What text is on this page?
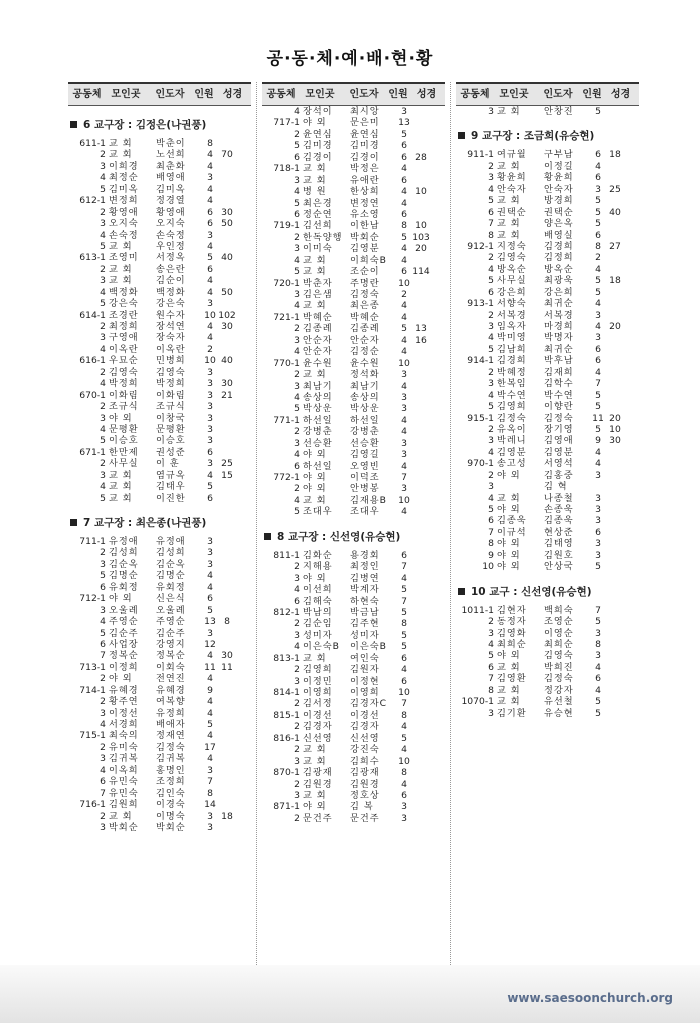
공·동·체·예·배·현·황
공동체	모인곳	인도자 인원 성경
6 교구장 : 김정은(나권풍)
611-1 교 회	박춘이	8
2 교 회	노선희	4 70
3 이희경	최춘화	4
4 최정순	배영애	3
5 김미옥	김미옥	4
612-1 변정희	정경열	4
2 황영애	황영애	6 30
3 오지숙	오지숙	6 50
4 손숙정	손숙정	3
5 교 회	우인정	4
613-1 조영미	서정옥	5 40
2 교 회	송은란	6
3 교 회	김순이	4
4 백정화	백정화	4 50
5 강은숙	강은숙	3
614-1 조경란	원수자	10 102
2 최정희	장석연	4 30
3 구영애	장숙자	4
4 이옥란	이옥란	2
616-1 우묘순	민병희	10 40
2 김영숙	김영숙	3
4 박정희	박정희	3 30
670-1 이화림	이화림	3 21
2 조규식	조규식	3
3 야 외	이창국	3
4 문평환	문평환	3
5 이승호	이승호	3
671-1 한만제	권성준	6
2 사무실	이 훈	3 25
3 교 회	염규옥	4 15
4 교 회	김태우	5
5 교 회	이진한	6
7 교구장 : 최은종(나권풍)
711-1 유정애	유정애	3
2 김성희	김성희	3
3 김순옥	김순옥	3
5 김명순	김명순	4
6 유회정	유회정	4
712-1 야 외	신은식	6
3 오울례	오울례	5
4 주영순	주영순	13 8
5 김순주	김순주	3
6 사업장	강영지	12
7 정복순	정복순	4 30
713-1 이정희	이회숙	11 11
2 야 외	전연진	4
714-1 유혜경	유혜경	9
2 황주연	여복향	4
3 이정선	유정희	4
4 서경희	배애자	5
715-1 최숙의	정재연	4
2 유미숙	김정숙	17
3 김귀복	김귀복	4
4 이옥희	홍명인	3
6 유민숙	조정희	7
7 유민숙	김인숙	8
716-1 김원희	이경숙	14
2 교 회	이명숙	3 18
3 박회순	박회순	3
공동체	모인곳	인도자 인원 성경
4 장석이	최시앙	3
717-1 야 외	문은미	13
2 윤연심	윤연심	5
5 김미경	김미경	6
6 김경이	김경이	6 28
718-1 교 회	박정은	4
3 교 회	유애란	6
4 병 원	한상희	4 10
5 최은경	변정연	4
6 정순연	유소영	6
719-1 김선희	이한남	8 10
2 한독양행 박회순	5 103
3 이미숙	김영분	4 20
4 교 회	이희숙B	4
5 교 회	조순이	6 114
720-1 박춘자	주명란	10
3 김은샘	김정숙	2
4 교 회	최은종	4
721-1 박혜순	박혜순	4
2 김종례	김종례	5 13
3 안순자	안순자	4 16
4 안순자	김정순	4
770-1 윤수원	윤수원	10
2 교 회	정석화	3
3 최남기	최남기	4
4 송상의	송상의	3
5 박상운	박상운	3
771-1 하선일	하선일	4
2 강병춘	강병춘	4
3 선승환	선승환	3
4 야 외	김영길	3
6 하선일	오영빈	4
772-1 야 외	이덕조	7
2 야 외	안병봉	3
4 교 회	김재용B	10
5 조대우	조대우	4
8 교구장 : 신선영(유승현)
811-1 김화순	용경회	6
2 지해용	최정인	7
3 야 외	김병연	4
4 이선희	박계자	5
6 김해숙	하현숙	7
812-1 박남의	박금남	5
2 김순임	김주현	8
3 성미자	성미자	5
4 이은숙B	이은숙B	5
813-1 교 회	여인숙	6
2 김영희	김원자	4
3 이정민	이정현	6
814-1 이영희	이영희	10
2 김서정	김경자C	7
815-1 이경선	이경선	8
2 김경자	김경자	4
816-1 신선영	신선영	5
2 교 회	강진숙	4
3 교 회	김희수	10
870-1 김광재	김광재	8
2 김원경	김원경	4
3 교 회	정호상	6
871-1 야 외	김 복	3
2 문건주	문건주	3
공동체	모인곳	인도자 인원 성경
3 교 회	안창진	5
9 교구장 : 조금희(유승현)
911-1 여규월	구부남	6 18
2 교 회	이정길	4
3 황윤희	황윤희	6
4 안숙자	안숙자	3 25
5 교 회	방경희	5
6 권택순	권택순	5 40
7 교 회	양은옥	5
8 교 회	배영실	6
912-1 지정숙	김경희	8 27
2 김영숙	김정희	2
4 방옥순	방옥순	4
5 사무실	최광욱	5 18
6 강은희	강은희	5
913-1 서향숙	최귀순	4
2 서복경	서복경	3
3 임옥자	마경희	4 20
4 박미영	박명자	3
5 김남희	최귀순	6
914-1 김경희	박후남	6
2 박혜정	김재희	4
3 한복임	김학수	7
4 박수연	박수연	5
5 김영희	이향란	5
915-1 김정숙	김정숙	11 20
2 유옥이	장기영	5 10
3 박레니	김영애	9 30
4 김영분	김영분	4
970-1 송고성	서영석	4
2 야 외	김홍중	3
3	김 혁
4 교 회	나종철	3
5 야 외	손종욱	3
6 김종욱	김종욱	3
7 이규석	현상준	6
8 야 외	김태영	3
9 야 외	김원호	3
10 야 외	안상국	5
10 교구 : 신선영(유승현)
1011-1 김현자	백희숙	7
2 동정자	조영순	5
3 김영화	이영순	3
4 최희순	최희순	8
5 야 외	김영숙	3
6 교 회	박희진	4
7 김영환	김정숙	6
8 교 회	정강자	4
1070-1 교 회	유선철	5
3 김기환	유승현	5
www.saesoonchurch.org
